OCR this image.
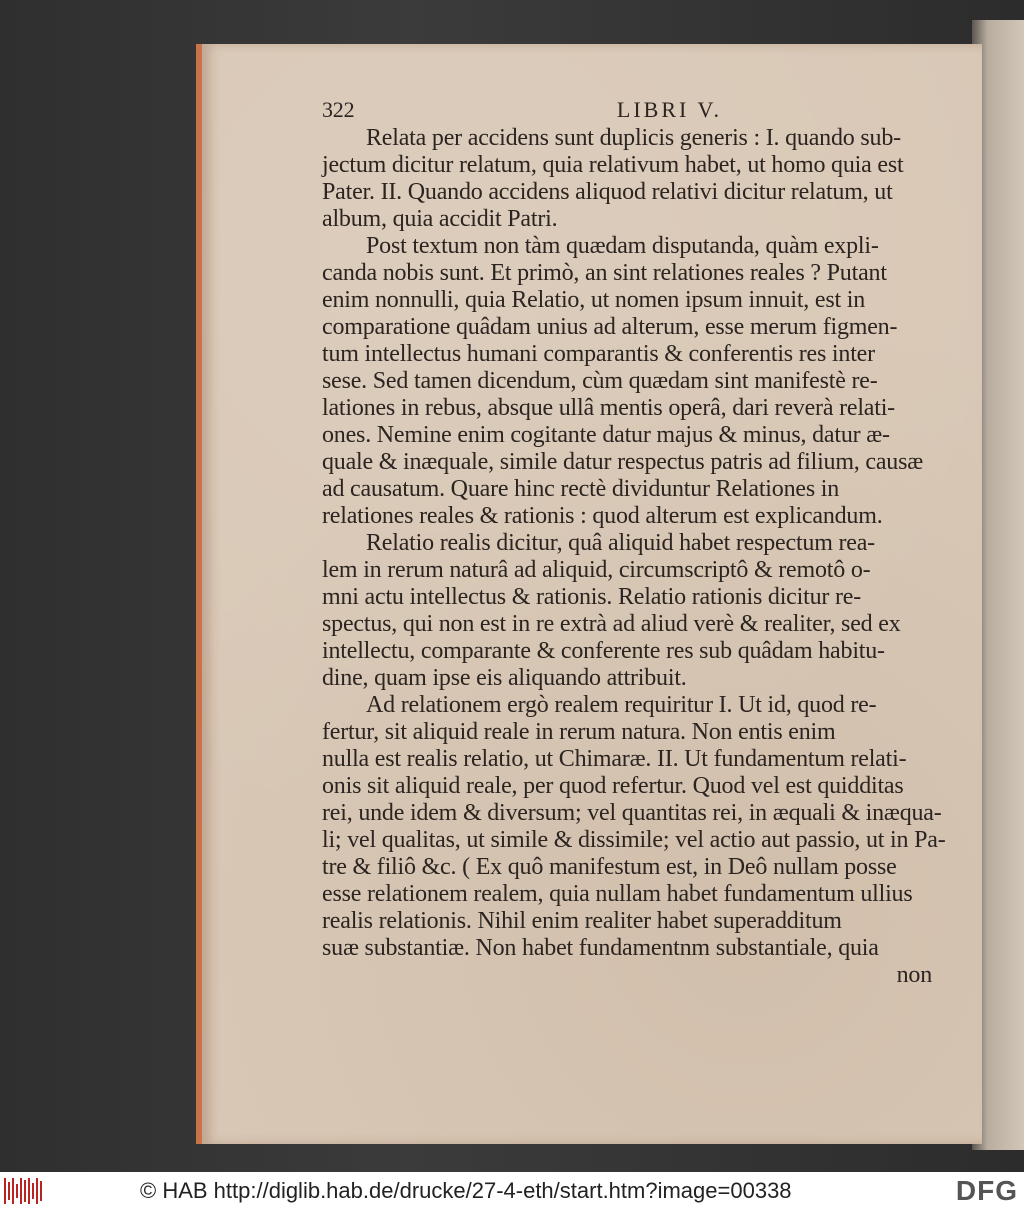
322	LIBRI V.
Relata per accidens sunt duplicis generis : I. quando sub-
jectum dicitur relatum, quia relativum habet, ut homo quia est
Pater. II. Quando accidens aliquod relativi dicitur relatum, ut
album, quia accidit Patri.
Post textum non tàm quædam disputanda, quàm expli-
canda nobis sunt. Et primò, an sint relationes reales ? Putant
enim nonnulli, quia Relatio, ut nomen ipsum innuit, est in
comparatione quâdam unius ad alterum, esse merum figmen-
tum intellectus humani comparantis & conferentis res inter
sese. Sed tamen dicendum, cùm quædam sint manifestè re-
lationes in rebus, absque ullâ mentis operâ, dari reverà relati-
ones. Nemine enim cogitante datur majus & minus, datur æ-
quale & inæquale, simile datur respectus patris ad filium, causæ
ad causatum. Quare hinc rectè dividuntur Relationes in
relationes reales & rationis : quod alterum est explicandum.
Relatio realis dicitur, quâ aliquid habet respectum rea-
lem in rerum naturâ ad aliquid, circumscriptô & remotô o-
mni actu intellectus & rationis. Relatio rationis dicitur re-
spectus, qui non est in re extrà ad aliud verè & realiter, sed ex
intellectu, comparante & conferente res sub quâdam habitu-
dine, quam ipse eis aliquando attribuit.
Ad relationem ergò realem requiritur I. Ut id, quod re-
fertur, sit aliquid reale in rerum natura. Non entis enim
nulla est realis relatio, ut Chimaræ. II. Ut fundamentum relati-
onis sit aliquid reale, per quod refertur. Quod vel est quidditas
rei, unde idem & diversum; vel quantitas rei, in æquali & inæqua-
li; vel qualitas, ut simile & dissimile; vel actio aut passio, ut in Pa-
tre & filiô &c. ( Ex quô manifestum est, in Deô nullam posse
esse relationem realem, quia nullam habet fundamentum ullius
realis relationis. Nihil enim realiter habet superadditum
suæ substantiæ. Non habet fundamentnm substantiale, quia
non
© HAB http://diglib.hab.de/drucke/27-4-eth/start.htm?image=00338	DFG
